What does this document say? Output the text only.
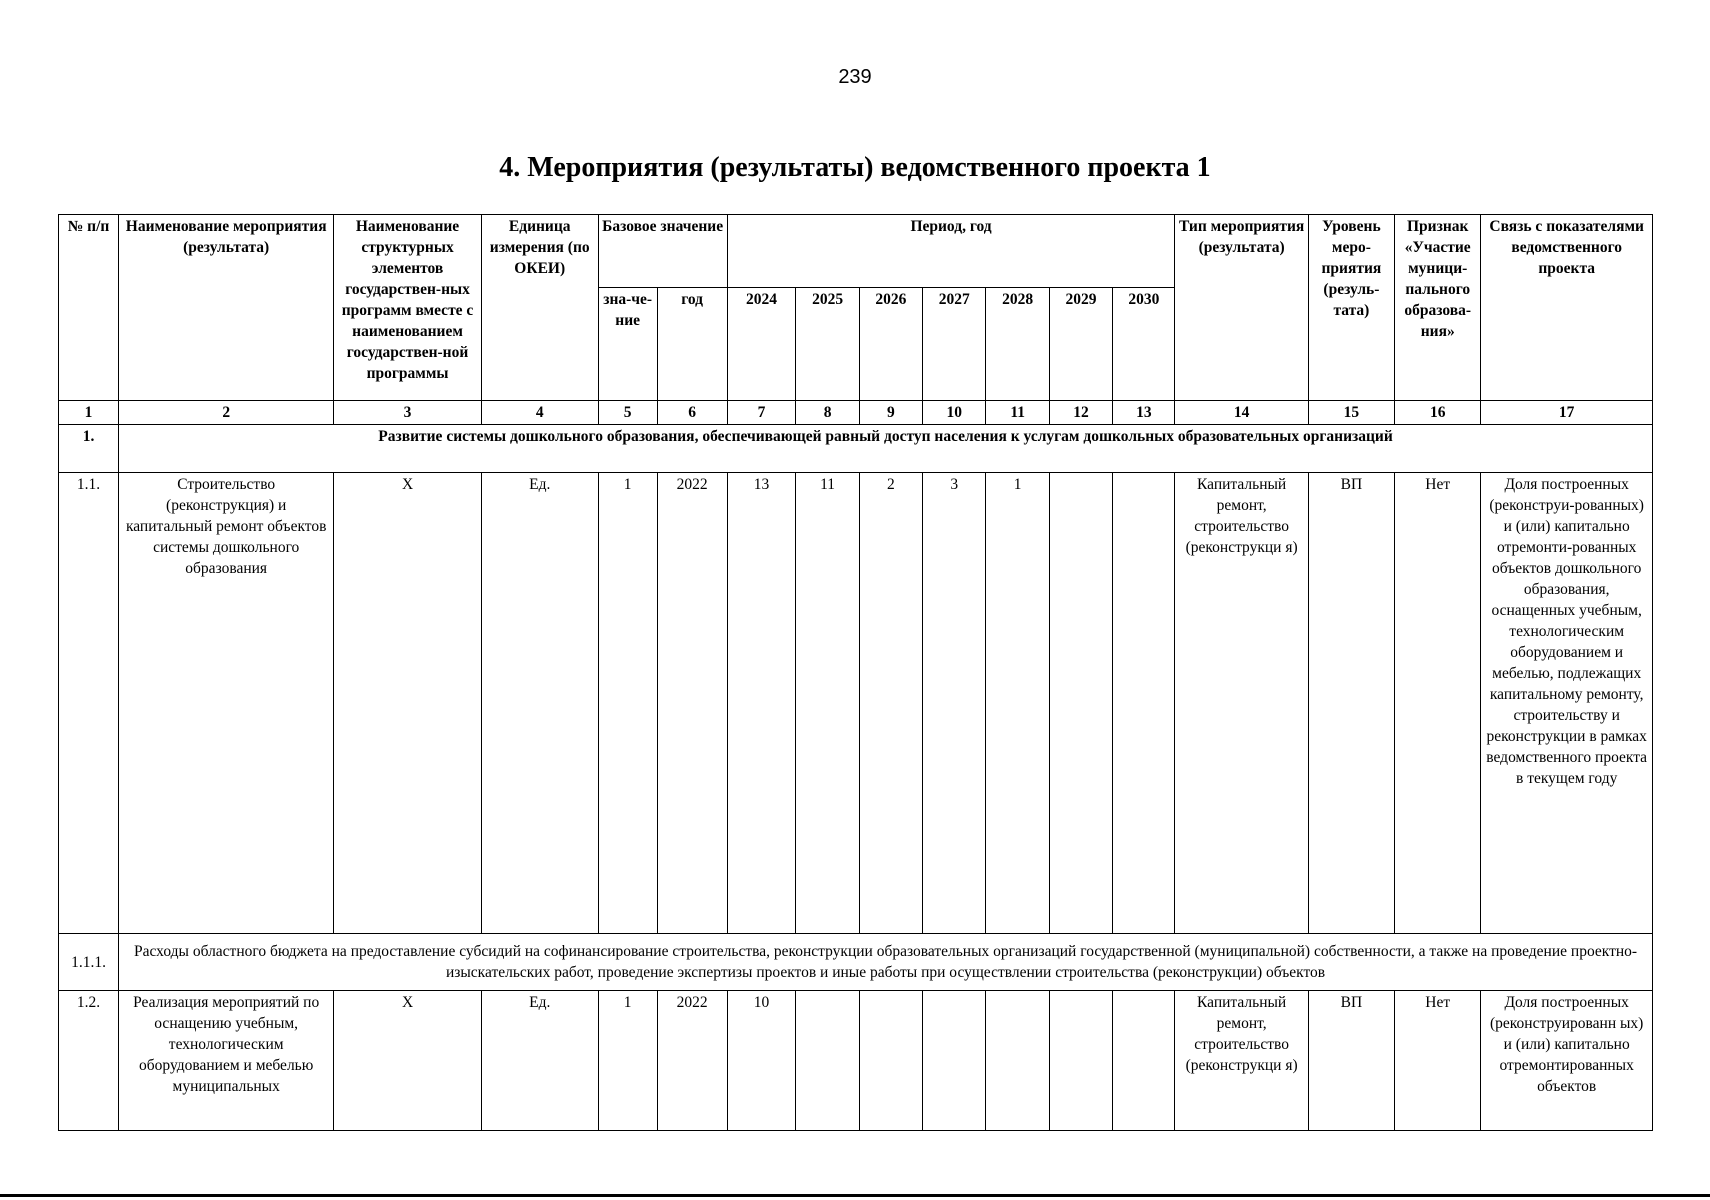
239
4. Мероприятия (результаты) ведомственного проекта 1
№ п/п	Наименование мероприятия (результата)	Наименование структурных элементов государствен-ных программ вместе с наименованием государствен-ной программы	Единица измерения (по ОКЕИ)	Базовое значение		Период, год							Тип мероприятия (результата)	Уровень меро-приятия (резуль-тата)	Признак «Участие муници-пального образова-ния»	Связь с показателями ведомственного проекта
				зна-че-ние	год	2024	2025	2026	2027	2028	2029	2030				
1	2	3	4	5	6	7	8	9	10	11	12	13	14	15	16	17
1.	Развитие системы дошкольного образования, обеспечивающей равный доступ населения к услугам дошкольных образовательных организаций															
1.1.	Строительство (реконструкция) и капитальный ремонт объектов системы дошкольного образования	Х	Ед.	1	2022	13	11	2	3	1			Капитальный ремонт, строительство (реконструкци я)	ВП	Нет	Доля построенных (реконструи-рованных) и (или) капитально отремонти-рованных объектов дошкольного образования, оснащенных учебным, технологическим оборудованием и мебелью, подлежащих капитальному ремонту, строительству и реконструкции в рамках ведомственного проекта в текущем году
1.1.1.	Расходы областного бюджета на предоставление субсидий на софинансирование строительства, реконструкции образовательных организаций государственной (муниципальной) собственности, а также на проведение проектно-изыскательских работ, проведение экспертизы проектов и иные работы при осуществлении строительства (реконструкции) объектов															
1.2.	Реализация мероприятий по оснащению учебным, технологическим оборудованием и мебелью муниципальных	Х	Ед.	1	2022	10							Капитальный ремонт, строительство (реконструкци я)	ВП	Нет	Доля построенных (реконструированн ых) и (или) капитально отремонтированных объектов
